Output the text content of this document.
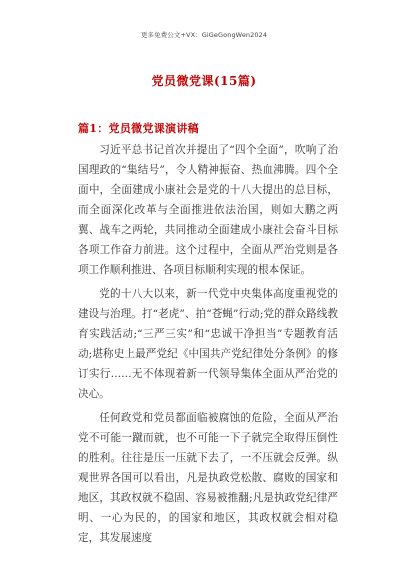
更多免费公文+VX：GiGeGongWen2024
党员微党课(15篇)
篇1：党员微党课演讲稿

习近平总书记首次并提出了“四个全面”，吹响了治国理政的“集结号”，令人精神振奋、热血沸腾。四个全面中，全面建成小康社会是党的十八大提出的总目标，而全面深化改革与全面推进依法治国，则如大鹏之两翼、战车之两轮，共同推动全面建成小康社会奋斗目标各项工作奋力前进。这个过程中，全面从严治党则是各项工作顺利推进、各项目标顺利实现的根本保证。

党的十八大以来，新一代党中央集体高度重视党的建设与治理。打“老虎”、拍“苍蝇”行动;党的群众路线教育实践活动;“三严三实”和“忠诚干净担当”专题教育活动;堪称史上最严党纪《中国共产党纪律处分条例》的修订实行……无不体现着新一代领导集体全面从严治党的决心。

任何政党和党员都面临被腐蚀的危险，全面从严治党不可能一蹴而就，也不可能一下子就完全取得压倒性的胜利。往往是压一压就下去了，一不压就会反弹。纵观世界各国可以看出，凡是执政党松散、腐败的国家和地区，其政权就不稳固、容易被推翻;凡是执政党纪律严明、一心为民的，的国家和地区，其政权就会相对稳定，其发展速度
